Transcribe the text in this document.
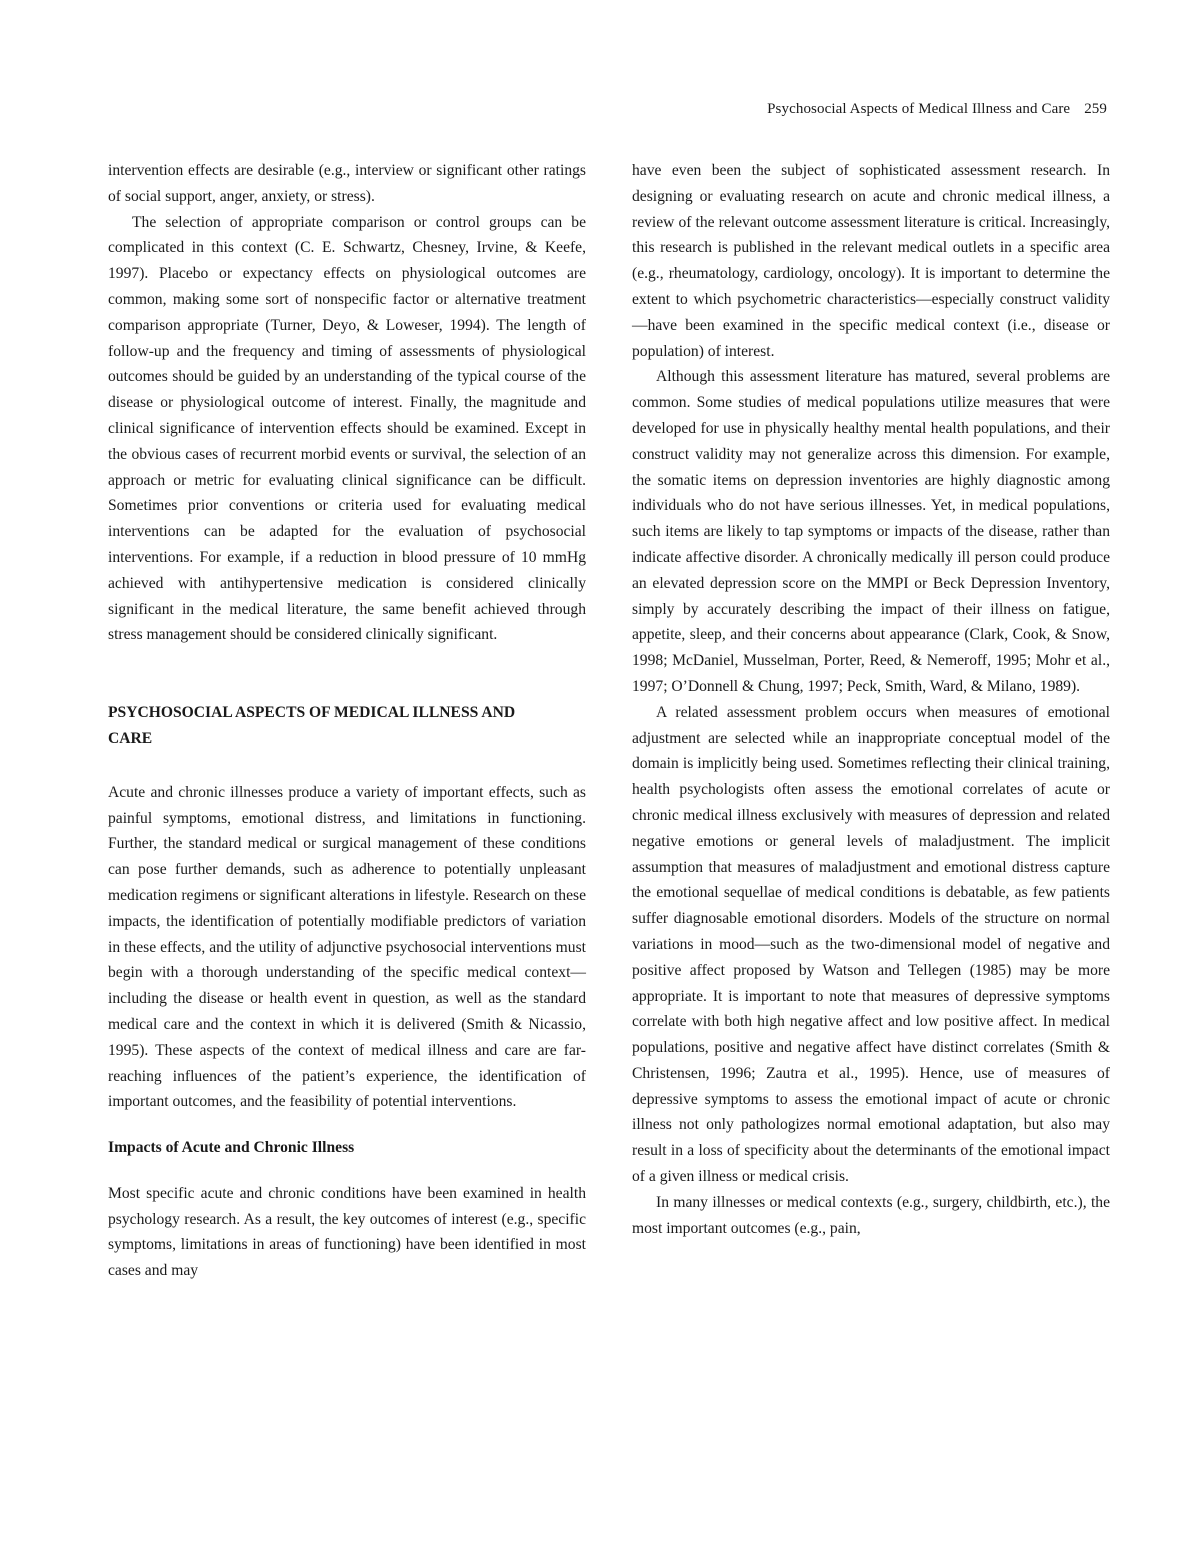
Psychosocial Aspects of Medical Illness and Care 259

intervention effects are desirable (e.g., interview or significant other ratings of social support, anger, anxiety, or stress).

The selection of appropriate comparison or control groups can be complicated in this context (C. E. Schwartz, Chesney, Irvine, & Keefe, 1997). Placebo or expectancy effects on physiological outcomes are common, making some sort of nonspecific factor or alternative treatment comparison appropriate (Turner, Deyo, & Loweser, 1994). The length of follow-up and the frequency and timing of assessments of physiological outcomes should be guided by an understanding of the typical course of the disease or physiological outcome of interest. Finally, the magnitude and clinical significance of intervention effects should be examined. Except in the obvious cases of recurrent morbid events or survival, the selection of an approach or metric for evaluating clinical significance can be difficult. Sometimes prior conventions or criteria used for evaluating medical interventions can be adapted for the evaluation of psychosocial interventions. For example, if a reduction in blood pressure of 10 mmHg achieved with antihypertensive medication is considered clinically significant in the medical literature, the same benefit achieved through stress management should be considered clinically significant.

PSYCHOSOCIAL ASPECTS OF MEDICAL ILLNESS AND CARE

Acute and chronic illnesses produce a variety of important effects, such as painful symptoms, emotional distress, and limitations in functioning. Further, the standard medical or surgical management of these conditions can pose further demands, such as adherence to potentially unpleasant medication regimens or significant alterations in lifestyle. Research on these impacts, the identification of potentially modifiable predictors of variation in these effects, and the utility of adjunctive psychosocial interventions must begin with a thorough understanding of the specific medical context—including the disease or health event in question, as well as the standard medical care and the context in which it is delivered (Smith & Nicassio, 1995). These aspects of the context of medical illness and care are far-reaching influences of the patient’s experience, the identification of important outcomes, and the feasibility of potential interventions.

Impacts of Acute and Chronic Illness

Most specific acute and chronic conditions have been examined in health psychology research. As a result, the key outcomes of interest (e.g., specific symptoms, limitations in areas of functioning) have been identified in most cases and may

have even been the subject of sophisticated assessment research. In designing or evaluating research on acute and chronic medical illness, a review of the relevant outcome assessment literature is critical. Increasingly, this research is published in the relevant medical outlets in a specific area (e.g., rheumatology, cardiology, oncology). It is important to determine the extent to which psychometric characteristics—especially construct validity—have been examined in the specific medical context (i.e., disease or population) of interest.

Although this assessment literature has matured, several problems are common. Some studies of medical populations utilize measures that were developed for use in physically healthy mental health populations, and their construct validity may not generalize across this dimension. For example, the somatic items on depression inventories are highly diagnostic among individuals who do not have serious illnesses. Yet, in medical populations, such items are likely to tap symptoms or impacts of the disease, rather than indicate affective disorder. A chronically medically ill person could produce an elevated depression score on the MMPI or Beck Depression Inventory, simply by accurately describing the impact of their illness on fatigue, appetite, sleep, and their concerns about appearance (Clark, Cook, & Snow, 1998; McDaniel, Musselman, Porter, Reed, & Nemeroff, 1995; Mohr et al., 1997; O’Donnell & Chung, 1997; Peck, Smith, Ward, & Milano, 1989).

A related assessment problem occurs when measures of emotional adjustment are selected while an inappropriate conceptual model of the domain is implicitly being used. Sometimes reflecting their clinical training, health psychologists often assess the emotional correlates of acute or chronic medical illness exclusively with measures of depression and related negative emotions or general levels of maladjustment. The implicit assumption that measures of maladjustment and emotional distress capture the emotional sequellae of medical conditions is debatable, as few patients suffer diagnosable emotional disorders. Models of the structure on normal variations in mood—such as the two-dimensional model of negative and positive affect proposed by Watson and Tellegen (1985) may be more appropriate. It is important to note that measures of depressive symptoms correlate with both high negative affect and low positive affect. In medical populations, positive and negative affect have distinct correlates (Smith & Christensen, 1996; Zautra et al., 1995). Hence, use of measures of depressive symptoms to assess the emotional impact of acute or chronic illness not only pathologizes normal emotional adaptation, but also may result in a loss of specificity about the determinants of the emotional impact of a given illness or medical crisis.

In many illnesses or medical contexts (e.g., surgery, childbirth, etc.), the most important outcomes (e.g., pain,
